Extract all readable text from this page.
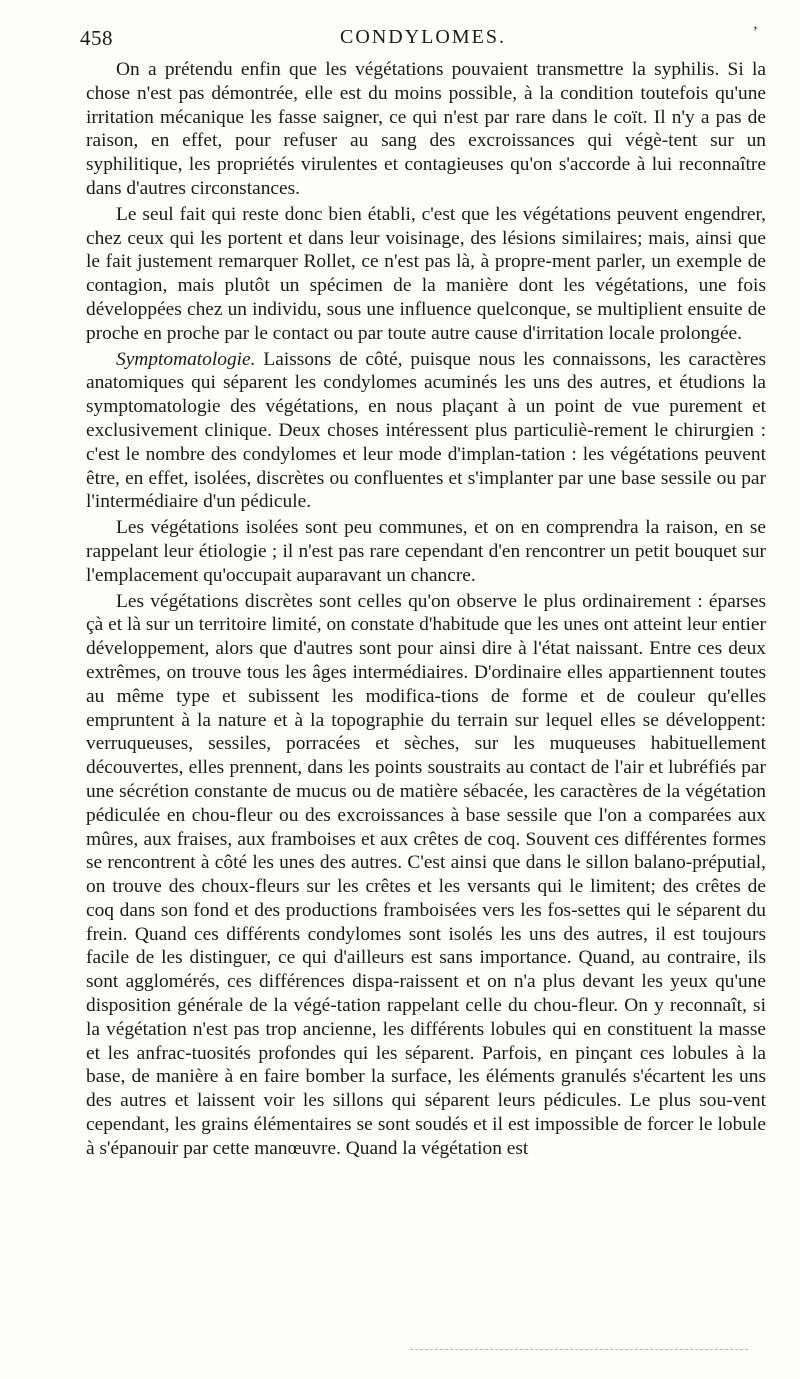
458	CONDYLOMES.	ʼ

On a prétendu enfin que les végétations pouvaient transmettre la syphilis. Si la chose n'est pas démontrée, elle est du moins possible, à la condition toutefois qu'une irritation mécanique les fasse saigner, ce qui n'est par rare dans le coït. Il n'y a pas de raison, en effet, pour refuser au sang des excroissances qui végè-tent sur un syphilitique, les propriétés virulentes et contagieuses qu'on s'accorde à lui reconnaître dans d'autres circonstances.

Le seul fait qui reste donc bien établi, c'est que les végétations peuvent engendrer, chez ceux qui les portent et dans leur voisinage, des lésions similaires; mais, ainsi que le fait justement remarquer Rollet, ce n'est pas là, à propre-ment parler, un exemple de contagion, mais plutôt un spécimen de la manière dont les végétations, une fois développées chez un individu, sous une influence quelconque, se multiplient ensuite de proche en proche par le contact ou par toute autre cause d'irritation locale prolongée.

Symptomatologie. Laissons de côté, puisque nous les connaissons, les caractères anatomiques qui séparent les condylomes acuminés les uns des autres, et étudions la symptomatologie des végétations, en nous plaçant à un point de vue purement et exclusivement clinique. Deux choses intéressent plus particuliè-rement le chirurgien : c'est le nombre des condylomes et leur mode d'implan-tation : les végétations peuvent être, en effet, isolées, discrètes ou confluentes et s'implanter par une base sessile ou par l'intermédiaire d'un pédicule.

Les végétations isolées sont peu communes, et on en comprendra la raison, en se rappelant leur étiologie ; il n'est pas rare cependant d'en rencontrer un petit bouquet sur l'emplacement qu'occupait auparavant un chancre.

Les végétations discrètes sont celles qu'on observe le plus ordinairement : éparses çà et là sur un territoire limité, on constate d'habitude que les unes ont atteint leur entier développement, alors que d'autres sont pour ainsi dire à l'état naissant. Entre ces deux extrêmes, on trouve tous les âges intermédiaires. D'ordinaire elles appartiennent toutes au même type et subissent les modifica-tions de forme et de couleur qu'elles empruntent à la nature et à la topographie du terrain sur lequel elles se développent: verruqueuses, sessiles, porracées et sèches, sur les muqueuses habituellement découvertes, elles prennent, dans les points soustraits au contact de l'air et lubréfiés par une sécrétion constante de mucus ou de matière sébacée, les caractères de la végétation pédiculée en chou-fleur ou des excroissances à base sessile que l'on a comparées aux mûres, aux fraises, aux framboises et aux crêtes de coq. Souvent ces différentes formes se rencontrent à côté les unes des autres. C'est ainsi que dans le sillon balano-préputial, on trouve des choux-fleurs sur les crêtes et les versants qui le limitent; des crêtes de coq dans son fond et des productions framboisées vers les fos-settes qui le séparent du frein. Quand ces différents condylomes sont isolés les uns des autres, il est toujours facile de les distinguer, ce qui d'ailleurs est sans importance. Quand, au contraire, ils sont agglomérés, ces différences dispa-raissent et on n'a plus devant les yeux qu'une disposition générale de la végé-tation rappelant celle du chou-fleur. On y reconnaît, si la végétation n'est pas trop ancienne, les différents lobules qui en constituent la masse et les anfrac-tuosités profondes qui les séparent. Parfois, en pinçant ces lobules à la base, de manière à en faire bomber la surface, les éléments granulés s'écartent les uns des autres et laissent voir les sillons qui séparent leurs pédicules. Le plus sou-vent cependant, les grains élémentaires se sont soudés et il est impossible de forcer le lobule à s'épanouir par cette manœuvre. Quand la végétation est
